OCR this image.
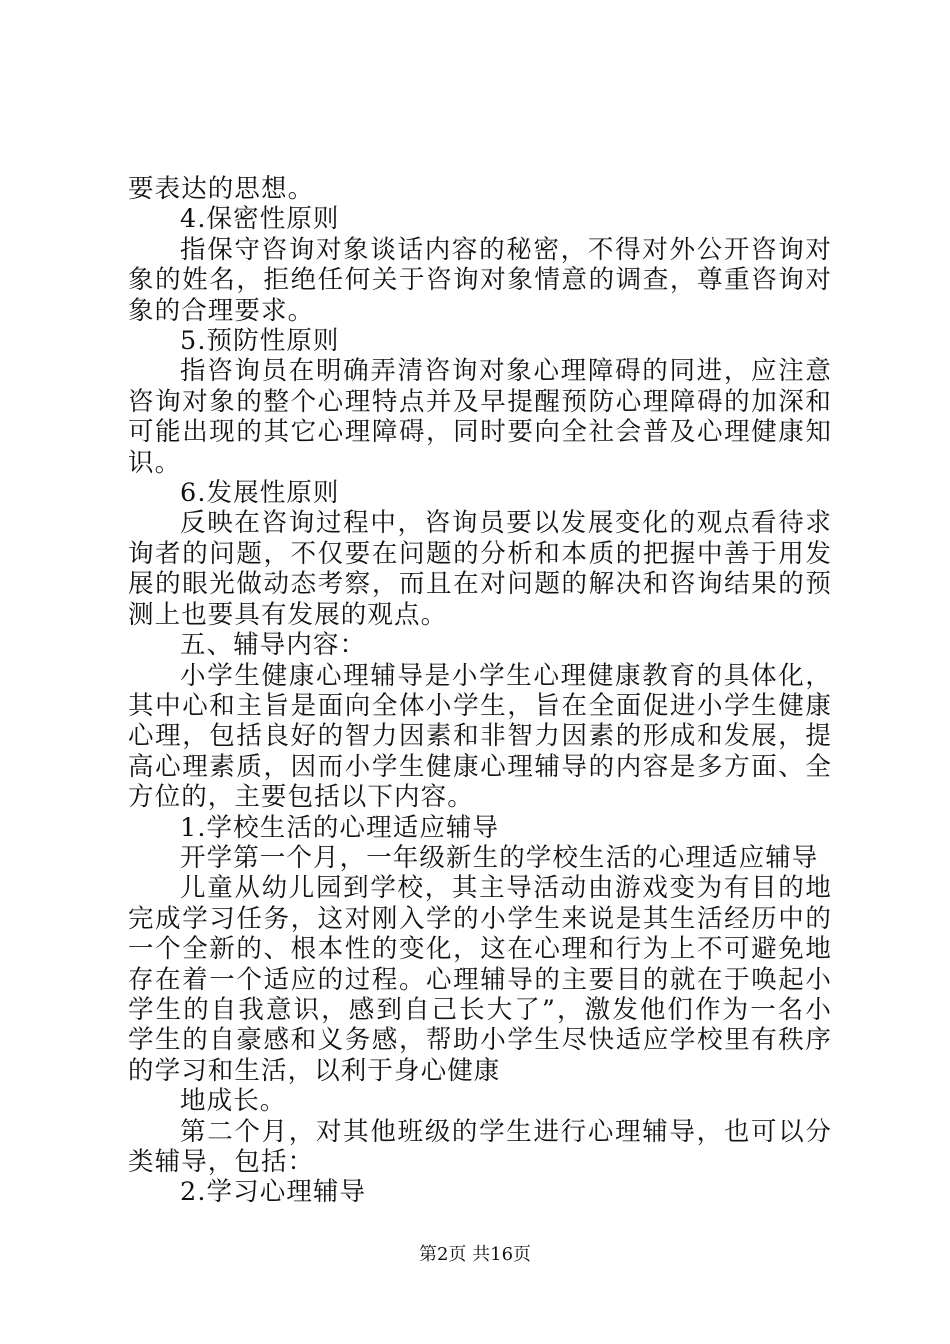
要表达的思想。

4.保密性原则

指保守咨询对象谈话内容的秘密，不得对外公开咨询对象的姓名，拒绝任何关于咨询对象情意的调查，尊重咨询对象的合理要求。

5.预防性原则

指咨询员在明确弄清咨询对象心理障碍的同进，应注意咨询对象的整个心理特点并及早提醒预防心理障碍的加深和可能出现的其它心理障碍，同时要向全社会普及心理健康知识。

6.发展性原则

反映在咨询过程中，咨询员要以发展变化的观点看待求询者的问题，不仅要在问题的分析和本质的把握中善于用发展的眼光做动态考察，而且在对问题的解决和咨询结果的预测上也要具有发展的观点。

五、辅导内容：

小学生健康心理辅导是小学生心理健康教育的具体化，其中心和主旨是面向全体小学生，旨在全面促进小学生健康心理，包括良好的智力因素和非智力因素的形成和发展，提高心理素质，因而小学生健康心理辅导的内容是多方面、全方位的，主要包括以下内容。

1.学校生活的心理适应辅导

开学第一个月，一年级新生的学校生活的心理适应辅导

儿童从幼儿园到学校，其主导活动由游戏变为有目的地完成学习任务，这对刚入学的小学生来说是其生活经历中的一个全新的、根本性的变化，这在心理和行为上不可避免地存在着一个适应的过程。心理辅导的主要目的就在于唤起小学生的自我意识，感到自己长大了”，激发他们作为一名小学生的自豪感和义务感，帮助小学生尽快适应学校里有秩序的学习和生活，以利于身心健康

地成长。

第二个月，对其他班级的学生进行心理辅导，也可以分类辅导，包括：

2.学习心理辅导

第2页 共16页
